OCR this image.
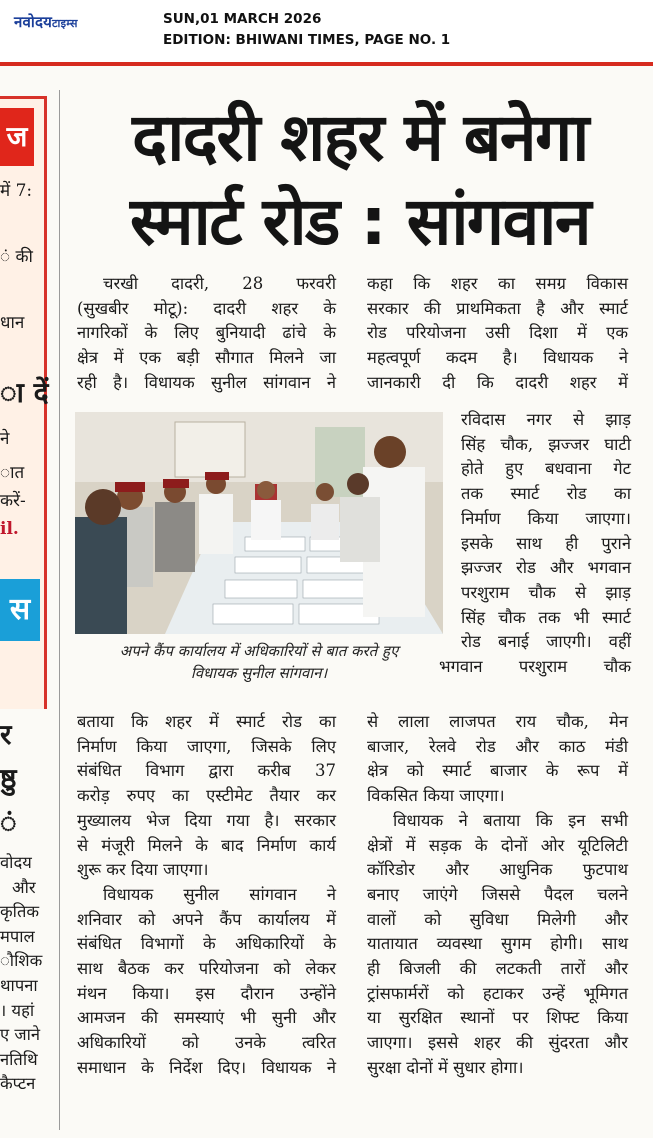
नवोदयटाइम्स	SUN,01 MARCH 2026
EDITION: BHIWANI TIMES, PAGE NO. 1
ज
में 7:
ं की
धान
ा दें
ने
ात
करें-
il.
स
र
ष्ठु
ं
वोदय
और
कृतिक
मपाल
ौशिक
थापना
। यहां
ए जाने
नतिथि
कैप्टन
दादरी शहर में बनेगा
स्मार्ट रोड : सांगवान
चरखी दादरी, 28 फरवरी
(सुखबीर मोटू): दादरी शहर के
नागरिकों के लिए बुनियादी ढांचे के
क्षेत्र में एक बड़ी सौगात मिलने जा
रही है। विधायक सुनील सांगवान ने
कहा कि शहर का समग्र विकास
सरकार की प्राथमिकता है और स्मार्ट
रोड परियोजना उसी दिशा में एक
महत्वपूर्ण कदम है। विधायक ने
जानकारी दी कि दादरी शहर में
अपने कैंप कार्यालय में अधिकारियों से बात करते हुए
विधायक सुनील सांगवान।
रविदास नगर से झाड़
सिंह चौक, झज्जर घाटी
होते हुए बधवाना गेट
तक स्मार्ट रोड का
निर्माण किया जाएगा।
इसके साथ ही पुराने
झज्जर रोड और भगवान
परशुराम चौक से झाड़
सिंह चौक तक भी स्मार्ट
रोड बनाई जाएगी। वहीं
भगवान परशुराम चौक
बताया कि शहर में स्मार्ट रोड का
निर्माण किया जाएगा, जिसके लिए
संबंधित विभाग द्वारा करीब 37
करोड़ रुपए का एस्टीमेट तैयार कर
मुख्यालय भेज दिया गया है। सरकार
से मंजूरी मिलने के बाद निर्माण कार्य
शुरू कर दिया जाएगा।
विधायक सुनील सांगवान ने
शनिवार को अपने कैंप कार्यालय में
संबंधित विभागों के अधिकारियों के
साथ बैठक कर परियोजना को लेकर
मंथन किया। इस दौरान उन्होंने
आमजन की समस्याएं भी सुनी और
अधिकारियों को उनके त्वरित
समाधान के निर्देश दिए। विधायक ने
से लाला लाजपत राय चौक, मेन
बाजार, रेलवे रोड और काठ मंडी
क्षेत्र को स्मार्ट बाजार के रूप में
विकसित किया जाएगा।
विधायक ने बताया कि इन सभी
क्षेत्रों में सड़क के दोनों ओर यूटिलिटी
कॉरिडोर और आधुनिक फुटपाथ
बनाए जाएंगे जिससे पैदल चलने
वालों को सुविधा मिलेगी और
यातायात व्यवस्था सुगम होगी। साथ
ही बिजली की लटकती तारों और
ट्रांसफार्मरों को हटाकर उन्हें भूमिगत
या सुरक्षित स्थानों पर शिफ्ट किया
जाएगा। इससे शहर की सुंदरता और
सुरक्षा दोनों में सुधार होगा।
